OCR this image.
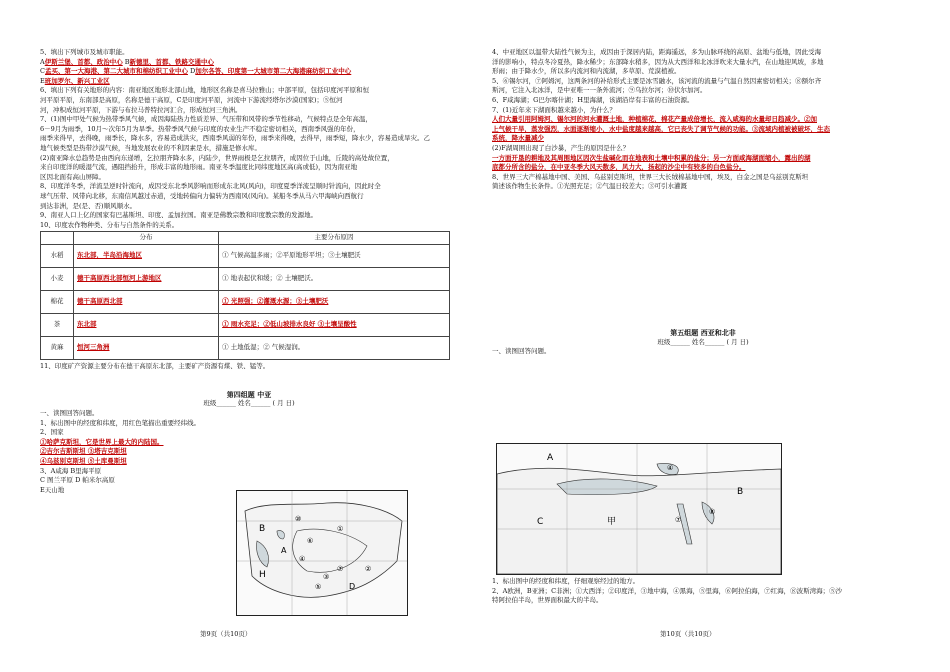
5、填出下列城市及城市职能。
A伊斯兰堡、首都、政治中心 B新德里、首都、铁路交通中心
C孟买、第一大海港、第二大城市和棉纺织工业中心 D加尔各答、印度第一大城市第二大海港麻纺织工业中心
E班加罗尔、新兴工业区
6、填出下列有关地形的内容：南亚地区地形北部山地，地形区名称是喜马拉雅山；中部平原，包括印度河平原和恒
河平原平原，东南部是高原，名称是德干高原，C是印度河平原，河流中下游流经塔尔沙漠(国家)；⑤恒河
河，冲积成恒河平原，下游与布拉马普特拉河汇合，形成恒河三角洲。
7、(1)图中甲处气候为热带季风气候，成因海陆热力性质差异、气压带和风带的季节性移动，气候特点是全年高温，
6－9月为雨季，10月～次年5月为旱季。热带季风气候与印度的农业生产不稳定密切相关，西南季风强的年份，
雨季来得早，去得晚，雨季长，降水多，容易造成洪灾，西南季风弱的年份，雨季来得晚，去得早，雨季短，降水少，容易造成旱灾。乙
地气候类型是热带沙漠气候，当地发展农业的不利因素是水，措施是修水库。
(2)南亚降水总趋势是由西向东递增，乞拉朋齐降水多，内陆少，世界雨极是乞拉朋齐，成因位于山地，丘陵的高处故位置，
来自印度洋的暖湿气流，遇阻挡抬升，形成丰富的地形雨。南亚冬季温度比同纬度地区高(高或低)，因为南亚地
区因北面有高山屏障。
8、印度洋冬季，洋流呈逆时针流向，成因受东北季风影响而形成东北风(风向)，印度夏季洋流呈顺时针流向，因此时全
球气压带、风带向北移，东南信风越过赤道，受地转偏向力偏转为西南风(风向)。某船冬季从马六甲海峡向西航行
到达非洲，是(是、否)顺风顺水。
9、南亚人口上亿的国家有巴基斯坦、印度、孟加拉国。南亚是佛教宗教和印度教宗教的发源地。
10、印度农作物种类、分布与自然条件的关系。
	分布	主要分布原因
水稻	东北部，半岛沿海地区	① 气候高温多雨；②平原地形平坦；③土壤肥沃
小麦	德干高原西北部恒河上游地区	① 地表起伏和缓；② 土壤肥沃。
棉花	德干高原西北部	① 光照强；②灌溉水源；③土壤肥沃
茶	东北部	① 雨水充足；②低山坡排水良好 ③土壤呈酸性
黄麻	恒河三角洲	① 土地低湿；② 气候湿润。
11、印度矿产资源主要分布在德干高原东北部，主要矿产资源有煤、铁、锰等。
第四组题 中亚
班级______ 姓名______ ( 月 日)
一、读图回答问题。
1、标出图中的经度和纬度，用红色笔描出重要经纬线。
2、国家
①哈萨克斯坦，它是世界上最大的内陆国。
②吉尔吉斯斯坦 ③塔吉克斯坦
④乌兹别克斯坦 ⑤土库曼斯坦
3、A咸海 B里海平原
C 图兰平原 D 帕米尔高原
E天山地
B
H
A
D
④
③
⑥
⑤
⑩
⑦	②
①
第9页（共10页）
4、中亚地区以温带大陆性气候为主，成因由于深居内陆，距海遥远，多为山脉环绕的高原、盆地与低地，因此受海
洋的影响小，特点冬冷夏热，降水稀少；东部降水稍多，因为从大西洋和北冰洋吹来大量水汽，在山地迎风坡，多地
形雨；由于降水少，所以多内流河和内流湖，多草原、荒漠植被。
5、⑥锡尔河，⑦阿姆河，这两条河的补给形式主要是冰雪融水，该河流的流量与气温自然因素密切相关；⑧额尔齐
斯河，它注入北冰洋，是中亚唯一一条外流河；⑨乌拉尔河；⑩伏尔加河。
6、F咸海湖；G巴尔喀什湖；H里海湖，该湖沿岸有丰富的石油资源。
7、(1)近年来下湖面积越来越小，为什么？
人们大量引用阿姆河、锡尔河的河水灌溉土地，种植棉花，棉花产量成倍增长，流入咸海的水量却日趋减少。②加
上气候干旱，蒸发强烈，水面逐渐缩小，水中盐度越来越高，它已丧失了调节气候的功能。③流域内植被被破坏，生态
系统，降水量减少
(2)F湖周围出现了白沙暴，产生的原因是什么？
一方面开垦的耕地及其周围地区因次生盐碱化而在地表和土壤中积累的盐分；另一方面咸海湖面缩小，露出的湖
底都分所含的盐分，在中亚冬季大风天数多，风力大，扬起的沙尘中有较多的白色盐分。
8、世界三大产棉基地中国、美国、乌兹别克斯坦，世界三大长绒棉基地中国，埃及，白金之国是乌兹别克斯坦
简述该作物生长条件。①光照充足；②气温日较差大；③可引水灌溉
第五组题 西亚和北非
班级______ 姓名______ ( 月 日)
一、读图回答问题。
A
B
C	⑦
⑧
甲
④
1、标出图中的经度和纬度，仔细观察经过的地方。
2、A欧洲，B亚洲；C非洲；①大西洋；②印度洋，③地中海，④黑海，⑤里海，⑥阿拉伯海，⑦红海，⑧波斯湾海；⑤沙
特阿拉伯半岛，世界面积最大的半岛。
第10页（共10页）
